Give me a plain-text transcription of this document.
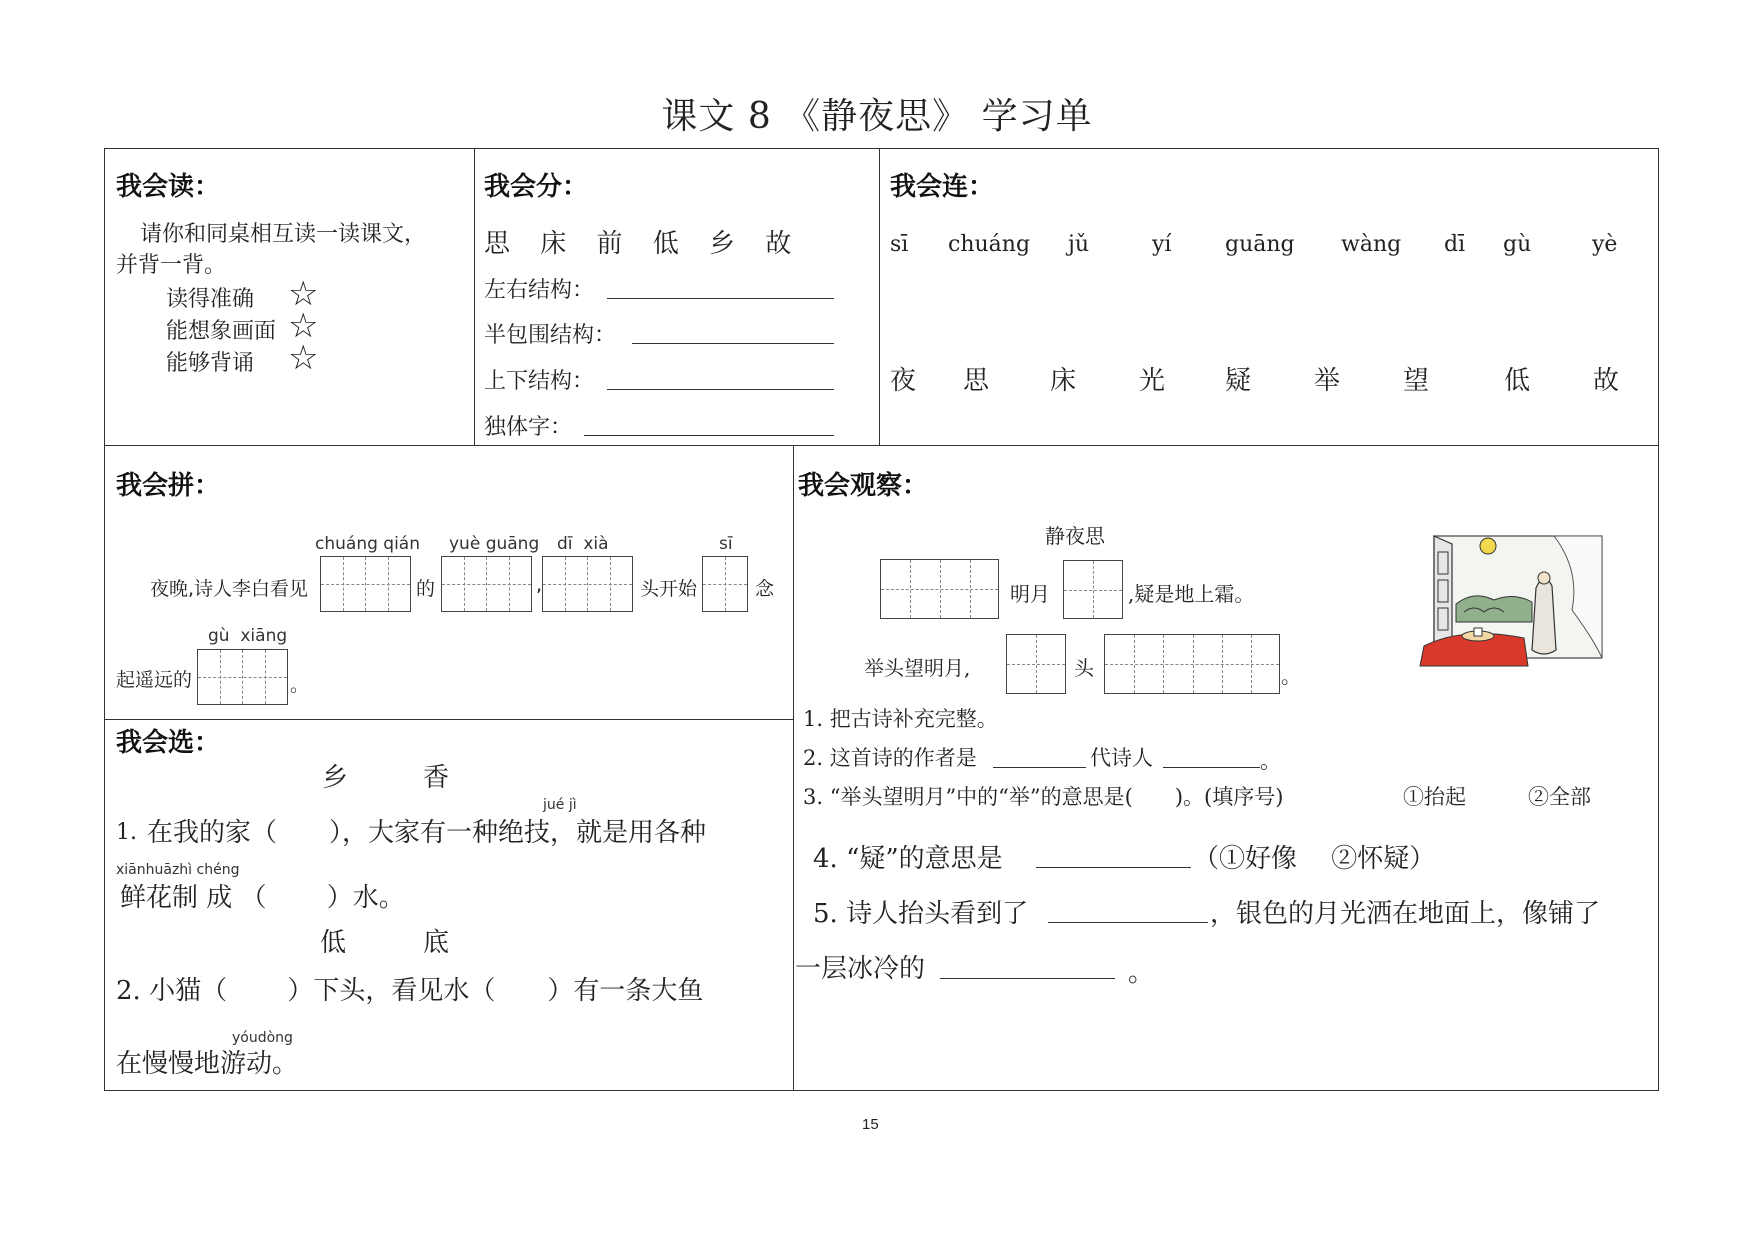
课文 8 《静夜思》 学习单
我会读：
请你和同桌相互读一读课文，
并背一背。
读得准确 ☆
能想象画面 ☆
能够背诵 ☆
我会分：
思 床 前 低 乡 故
左右结构：
半包围结构：
上下结构：
独体字：
我会连：
sī chuáng jǔ	yí guāng wàng dī gù	yè
夜 思 床 光 疑 举 望	低 故
我会拼：
夜晚,诗人李白看见
chuáng qián
的
yuè guāng
,
dī  xià
头开始
sī
念
gù  xiāng
起遥远的	。
我会选：
乡	香
jué jì
1. 在我的家（　　），大家有一种绝技，就是用各种
xiānhuāzhì chéng
鲜花制 成 （　　 ）水。
低	底
2. 小猫（　　 ）下头，看见水（　　）有一条大鱼
yóudòng
在慢慢地游动。
我会观察：
静夜思
明月	,疑是地上霜。
举头望明月,	头	。
1. 把古诗补充完整。
2. 这首诗的作者是	代诗人	。
3. “举头望明月”中的“举”的意思是(　　)。(填序号)	①抬起	②全部
4. “疑”的意思是	（①好像　 ②怀疑）
5. 诗人抬头看到了	，银色的月光洒在地面上，像铺了
一层冰冷的	。
15
